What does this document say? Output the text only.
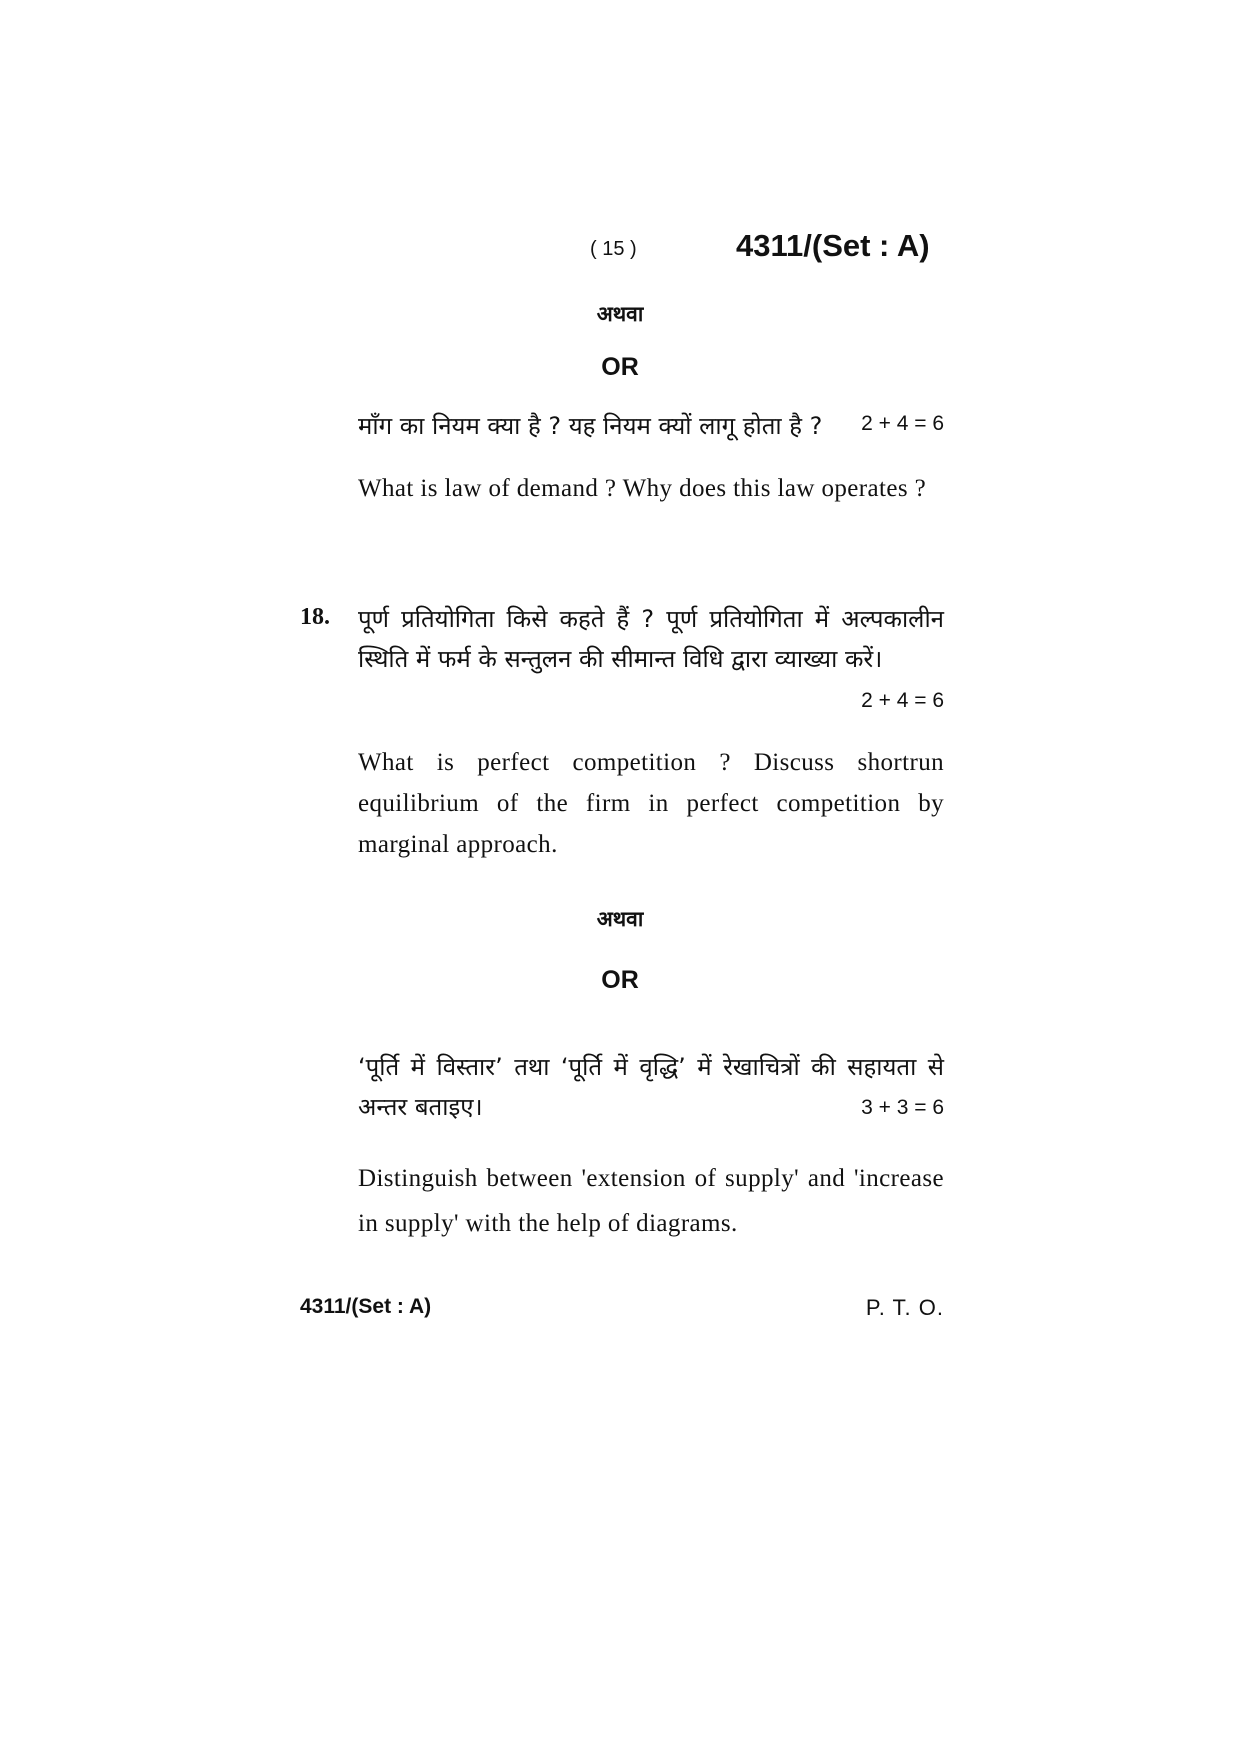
( 15 )	4311/(Set : A)
अथवा
OR
माँग का नियम क्या है ? यह नियम क्यों लागू होता है ?	2 + 4 = 6
What is law of demand ? Why does this law operates ?
18. पूर्ण प्रतियोगिता किसे कहते हैं ? पूर्ण प्रतियोगिता में अल्पकालीन स्थिति में फर्म के सन्तुलन की सीमान्त विधि द्वारा व्याख्या करें।
2 + 4 = 6
What is perfect competition ? Discuss shortrun equilibrium of the firm in perfect competition by marginal approach.
अथवा
OR
‘पूर्ति में विस्तार’ तथा ‘पूर्ति में वृद्धि’ में रेखाचित्रों की सहायता से अन्तर बताइए।	3 + 3 = 6
Distinguish between 'extension of supply' and 'increase in supply' with the help of diagrams.
4311/(Set : A)	P. T. O.
